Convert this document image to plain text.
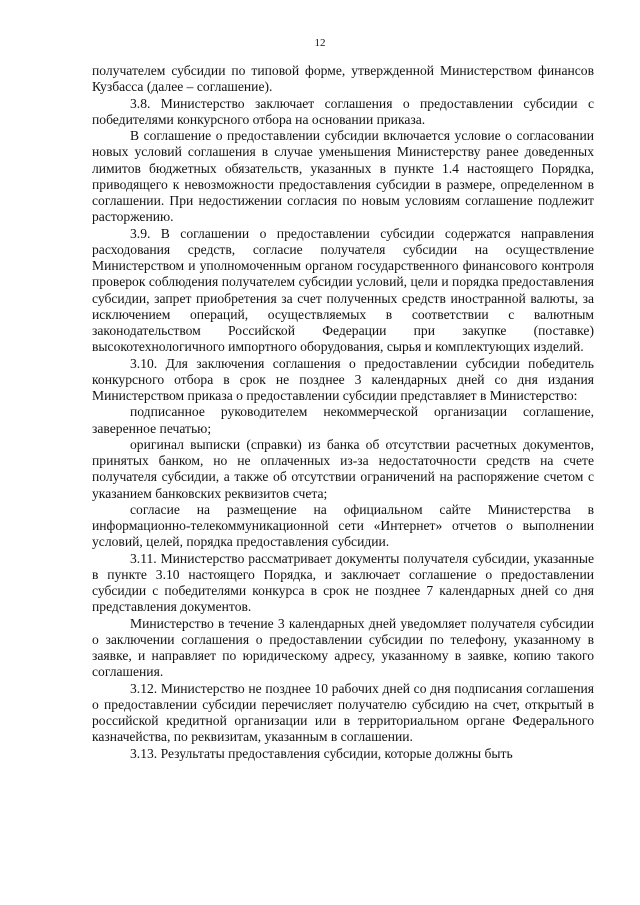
12

получателем субсидии по типовой форме, утвержденной Министерством финансов Кузбасса (далее – соглашение).

3.8. Министерство заключает соглашения о предоставлении субсидии с победителями конкурсного отбора на основании приказа.

В соглашение о предоставлении субсидии включается условие о согласовании новых условий соглашения в случае уменьшения Министерству ранее доведенных лимитов бюджетных обязательств, указанных в пункте 1.4 настоящего Порядка, приводящего к невозможности предоставления субсидии в размере, определенном в соглашении. При недостижении согласия по новым условиям соглашение подлежит расторжению.

3.9. В соглашении о предоставлении субсидии содержатся направления расходования средств, согласие получателя субсидии на осуществление Министерством и уполномоченным органом государственного финансового контроля проверок соблюдения получателем субсидии условий, цели и порядка предоставления субсидии, запрет приобретения за счет полученных средств иностранной валюты, за исключением операций, осуществляемых в соответствии с валютным законодательством Российской Федерации при закупке (поставке) высокотехнологичного импортного оборудования, сырья и комплектующих изделий.

3.10. Для заключения соглашения о предоставлении субсидии победитель конкурсного отбора в срок не позднее 3 календарных дней со дня издания Министерством приказа о предоставлении субсидии представляет в Министерство:

подписанное руководителем некоммерческой организации соглашение, заверенное печатью;

оригинал выписки (справки) из банка об отсутствии расчетных документов, принятых банком, но не оплаченных из-за недостаточности средств на счете получателя субсидии, а также об отсутствии ограничений на распоряжение счетом с указанием банковских реквизитов счета;

согласие на размещение на официальном сайте Министерства в информационно-телекоммуникационной сети «Интернет» отчетов о выполнении условий, целей, порядка предоставления субсидии.

3.11. Министерство рассматривает документы получателя субсидии, указанные в пункте 3.10 настоящего Порядка, и заключает соглашение о предоставлении субсидии с победителями конкурса в срок не позднее 7 календарных дней со дня представления документов.

Министерство в течение 3 календарных дней уведомляет получателя субсидии о заключении соглашения о предоставлении субсидии по телефону, указанному в заявке, и направляет по юридическому адресу, указанному в заявке, копию такого соглашения.

3.12. Министерство не позднее 10 рабочих дней со дня подписания соглашения о предоставлении субсидии перечисляет получателю субсидию на счет, открытый в российской кредитной организации или в территориальном органе Федерального казначейства, по реквизитам, указанным в соглашении.

3.13. Результаты предоставления субсидии, которые должны быть
